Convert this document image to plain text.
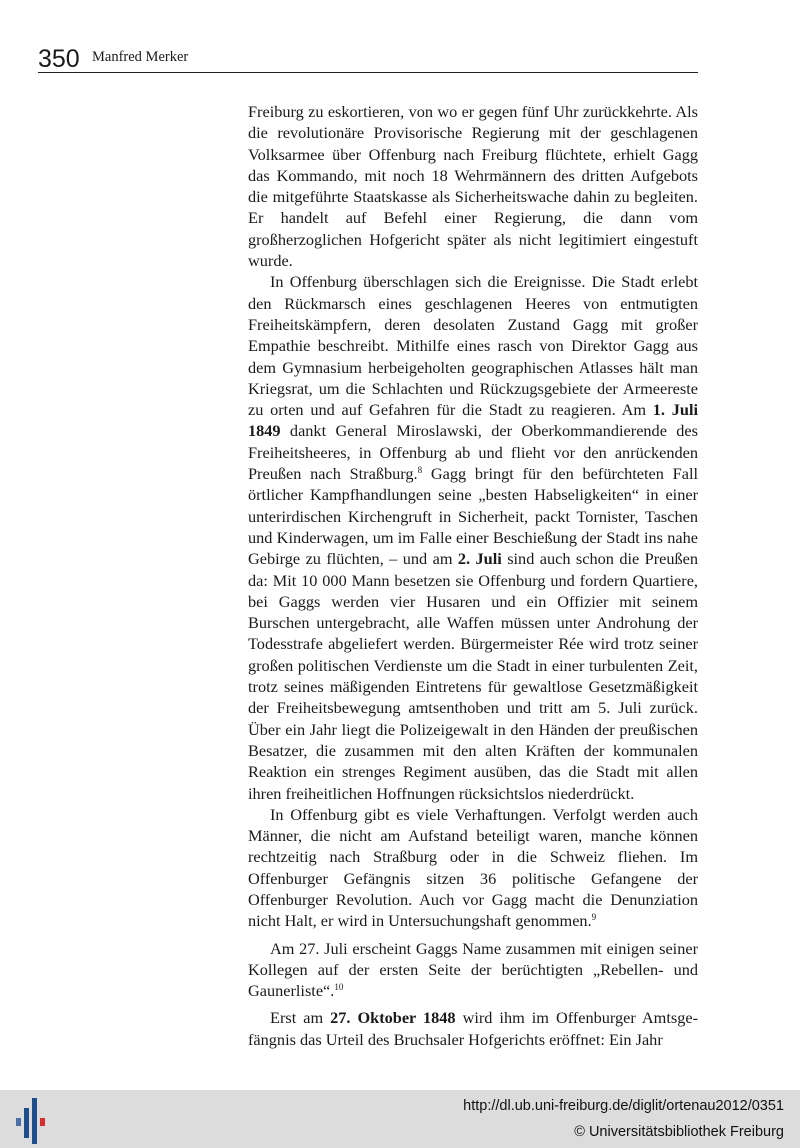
350 Manfred Merker

Freiburg zu eskortieren, von wo er gegen fünf Uhr zurückkehrte. Als die revolutionäre Provisorische Regierung mit der geschlagenen Volksarmee über Offenburg nach Freiburg flüchtete, erhielt Gagg das Kommando, mit noch 18 Wehrmännern des dritten Aufgebots die mitgeführte Staatskasse als Sicherheitswache dahin zu begleiten. Er handelt auf Befehl einer Regierung, die dann vom großherzoglichen Hofgericht später als nicht legitimiert eingestuft wurde.

In Offenburg überschlagen sich die Ereignisse. Die Stadt erlebt den Rückmarsch eines geschlagenen Heeres von entmutigten Freiheitskämpfern, deren desolaten Zustand Gagg mit großer Empathie beschreibt. Mithilfe eines rasch von Direktor Gagg aus dem Gymnasium herbeigeholten geographischen Atlasses hält man Kriegsrat, um die Schlachten und Rückzugsgebiete der Armeereste zu orten und auf Gefahren für die Stadt zu reagieren. Am 1. Juli 1849 dankt General Miroslawski, der Oberkommandierende des Freiheitsheeres, in Offenburg ab und flieht vor den anrückenden Preußen nach Straßburg.$^8$ Gagg bringt für den befürchteten Fall örtlicher Kampfhandlungen seine „besten Habseligkeiten“ in einer unterirdischen Kirchengruft in Sicherheit, packt Tornister, Taschen und Kinderwagen, um im Falle einer Beschießung der Stadt ins nahe Gebirge zu flüchten, – und am 2. Juli sind auch schon die Preußen da: Mit 10 000 Mann besetzen sie Offenburg und fordern Quartiere, bei Gaggs werden vier Husaren und ein Offizier mit seinem Burschen untergebracht, alle Waffen müssen unter Androhung der Todesstrafe abgeliefert werden. Bürgermeister Rée wird trotz seiner großen politischen Verdienste um die Stadt in einer turbulenten Zeit, trotz seines mäßigenden Eintretens für gewaltlose Gesetzmäßigkeit der Freiheitsbewegung amtsenthoben und tritt am 5. Juli zurück. Über ein Jahr liegt die Polizeigewalt in den Händen der preußischen Besatzer, die zusammen mit den alten Kräften der kommunalen Reaktion ein strenges Regiment ausüben, das die Stadt mit allen ihren freiheitlichen Hoffnungen rücksichtslos niederdrückt.

In Offenburg gibt es viele Verhaftungen. Verfolgt werden auch Männer, die nicht am Aufstand beteiligt waren, manche können rechtzeitig nach Straßburg oder in die Schweiz fliehen. Im Offenburger Gefängnis sitzen 36 politische Gefangene der Offenburger Revolution. Auch vor Gagg macht die Denunziation nicht Halt, er wird in Untersuchungshaft genommen.$^9$

Am 27. Juli erscheint Gaggs Name zusammen mit einigen seiner Kollegen auf der ersten Seite der berüchtigten „Rebellen- und Gaunerliste“.$^{10}$

Erst am 27. Oktober 1848 wird ihm im Offenburger Amtsgefängnis das Urteil des Bruchsaler Hofgerichts eröffnet: Ein Jahr

http://dl.ub.uni-freiburg.de/diglit/ortenau2012/0351
© Universitätsbibliothek Freiburg
